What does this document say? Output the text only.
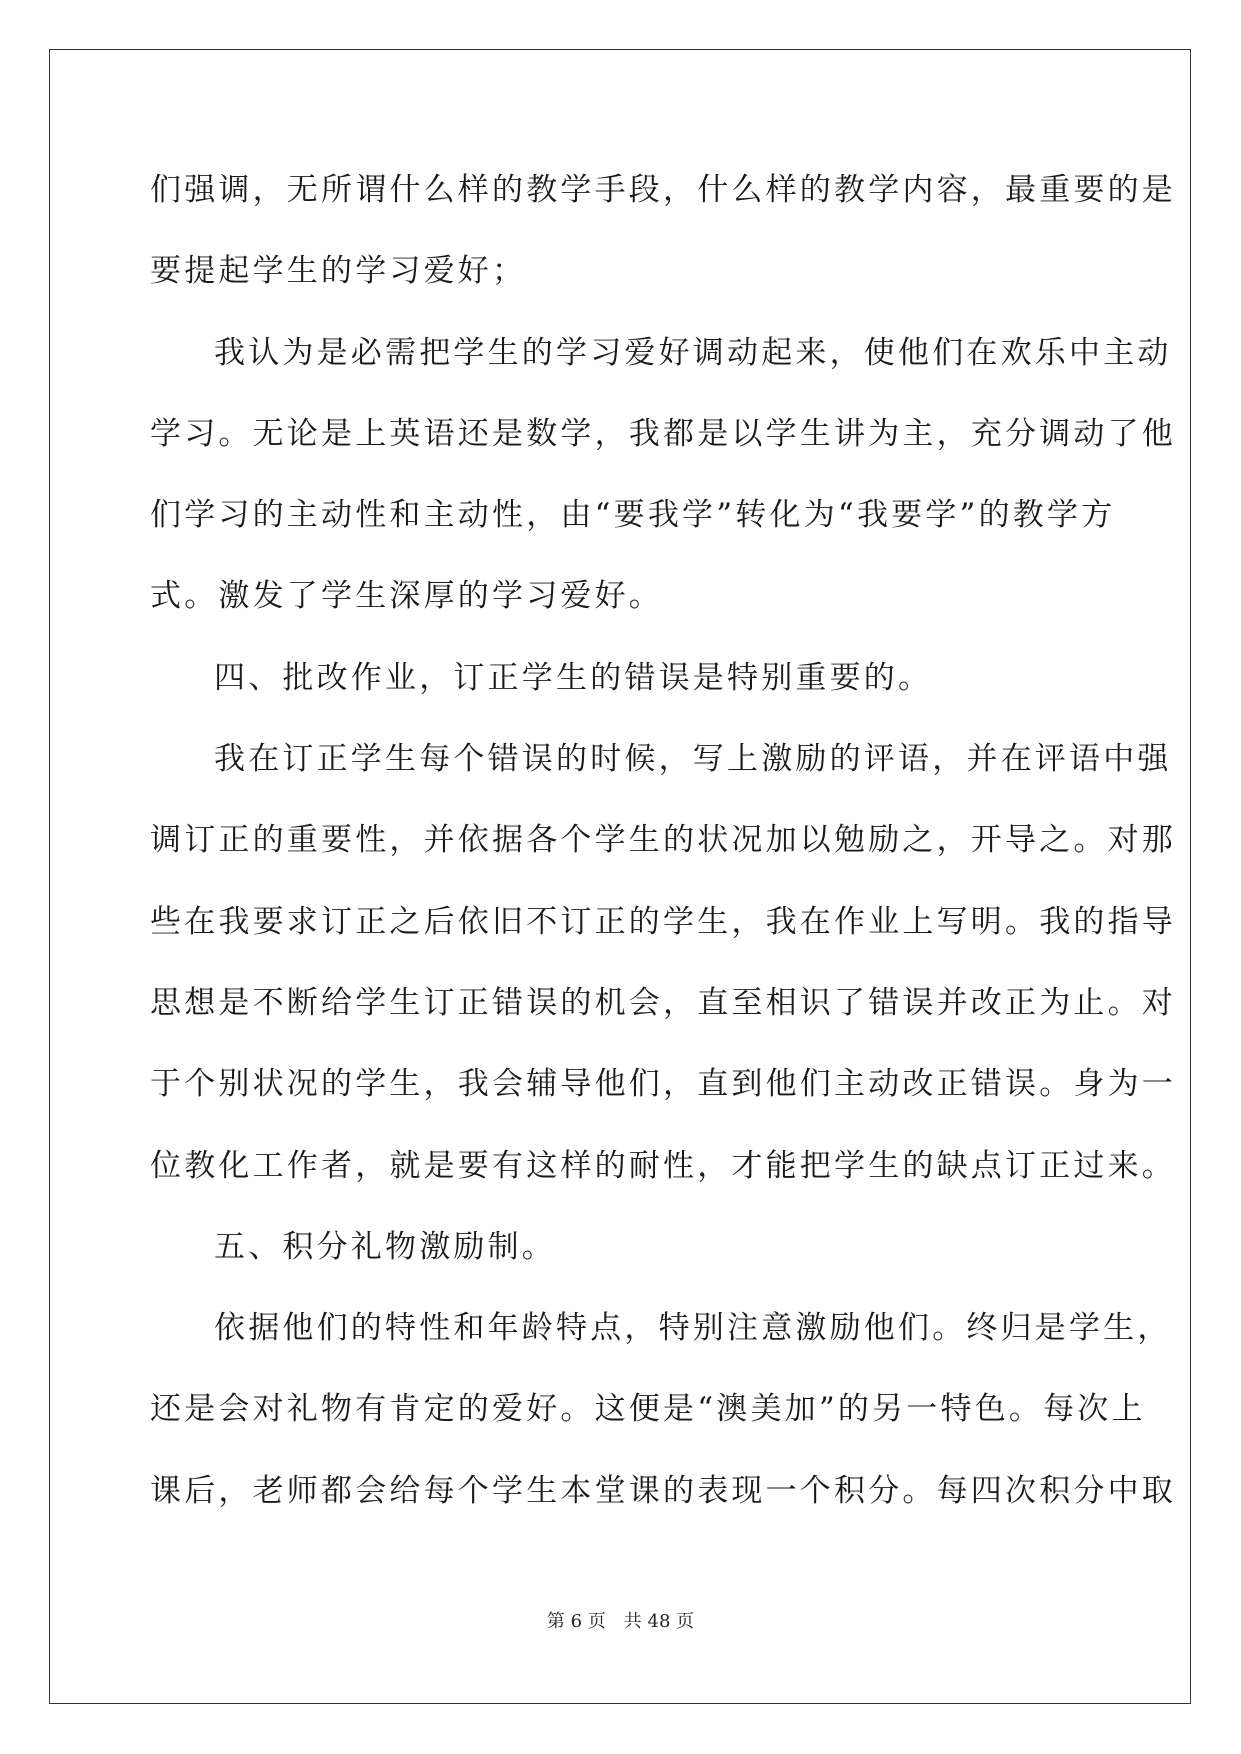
们强调，无所谓什么样的教学手段，什么样的教学内容，最重要的是
要提起学生的学习爱好；
我认为是必需把学生的学习爱好调动起来，使他们在欢乐中主动
学习。无论是上英语还是数学，我都是以学生讲为主，充分调动了他
们学习的主动性和主动性，由“要我学”转化为“我要学”的教学方
式。激发了学生深厚的学习爱好。
四、批改作业，订正学生的错误是特别重要的。
我在订正学生每个错误的时候，写上激励的评语，并在评语中强
调订正的重要性，并依据各个学生的状况加以勉励之，开导之。对那
些在我要求订正之后依旧不订正的学生，我在作业上写明。我的指导
思想是不断给学生订正错误的机会，直至相识了错误并改正为止。对
于个别状况的学生，我会辅导他们，直到他们主动改正错误。身为一
位教化工作者，就是要有这样的耐性，才能把学生的缺点订正过来。
五、积分礼物激励制。
依据他们的特性和年龄特点，特别注意激励他们。终归是学生，
还是会对礼物有肯定的爱好。这便是“澳美加”的另一特色。每次上
课后，老师都会给每个学生本堂课的表现一个积分。每四次积分中取
第 6 页　共 48 页
